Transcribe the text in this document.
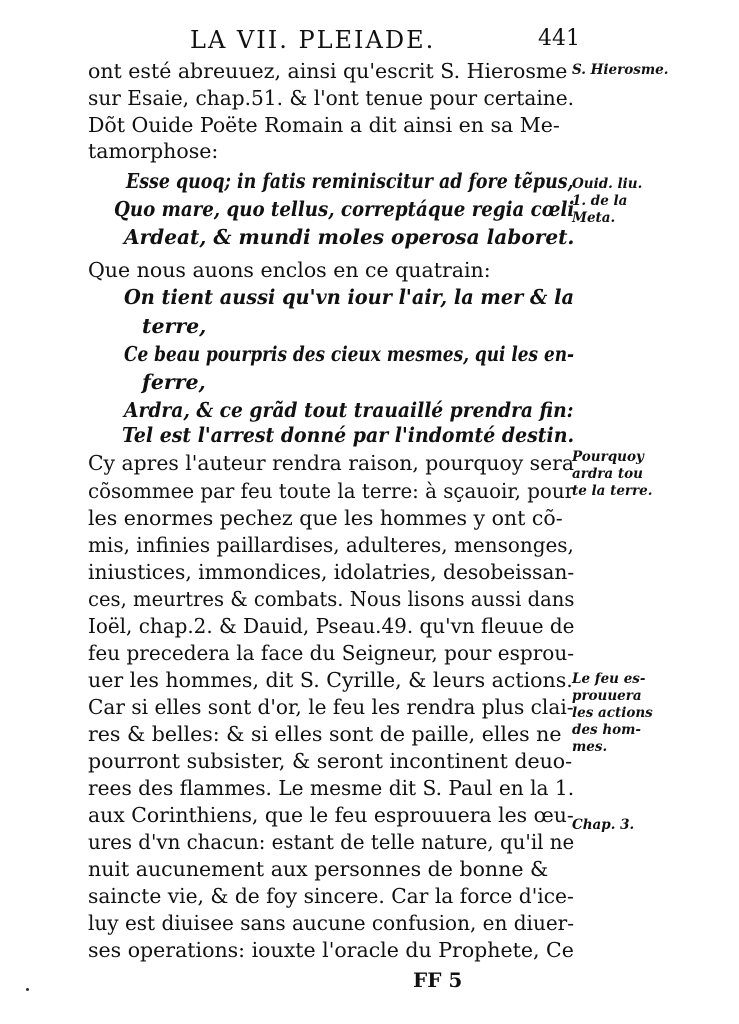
LA VII. PLEIADE.	441
ont esté abreuuez, ainsi qu'escrit S. Hierosme
sur Esaie, chap.51. & l'ont tenue pour certaine.
Dõt Ouide Poëte Romain a dit ainsi en sa Me-
tamorphose:
Esse quoq; in fatis reminiscitur ad fore tẽpus,
Quo mare, quo tellus, correptáque regia cœli
Ardeat, & mundi moles operosa laboret.
Que nous auons enclos en ce quatrain:
On tient aussi qu'vn iour l'air, la mer & la
terre,
Ce beau pourpris des cieux mesmes, qui les en-
ferre,
Ardra, & ce grãd tout trauaillé prendra fin:
Tel est l'arrest donné par l'indomté destin.
Cy apres l'auteur rendra raison, pourquoy sera
cõsommee par feu toute la terre: à sçauoir, pour
les enormes pechez que les hommes y ont cõ-
mis, infinies paillardises, adulteres, mensonges,
iniustices, immondices, idolatries, desobeissan-
ces, meurtres & combats. Nous lisons aussi dans
Ioël, chap.2. & Dauid, Pseau.49. qu'vn fleuue de
feu precedera la face du Seigneur, pour esprou-
uer les hommes, dit S. Cyrille, & leurs actions.
Car si elles sont d'or, le feu les rendra plus clai-
res & belles: & si elles sont de paille, elles ne
pourront subsister, & seront incontinent deuo-
rees des flammes. Le mesme dit S. Paul en la 1.
aux Corinthiens, que le feu esprouuera les œu-
ures d'vn chacun: estant de telle nature, qu'il ne
nuit aucunement aux personnes de bonne &
saincte vie, & de foy sincere. Car la force d'ice-
luy est diuisee sans aucune confusion, en diuer-
ses operations: iouxte l'oracle du Prophete, Ce
S. Hierosme.
Ouid. liu.
1. de la
Meta.
Pourquoy
ardra tou
te la terre.
Le feu es-
prouuera
les actions
des hom-
mes.
Chap. 3.
FF 5
